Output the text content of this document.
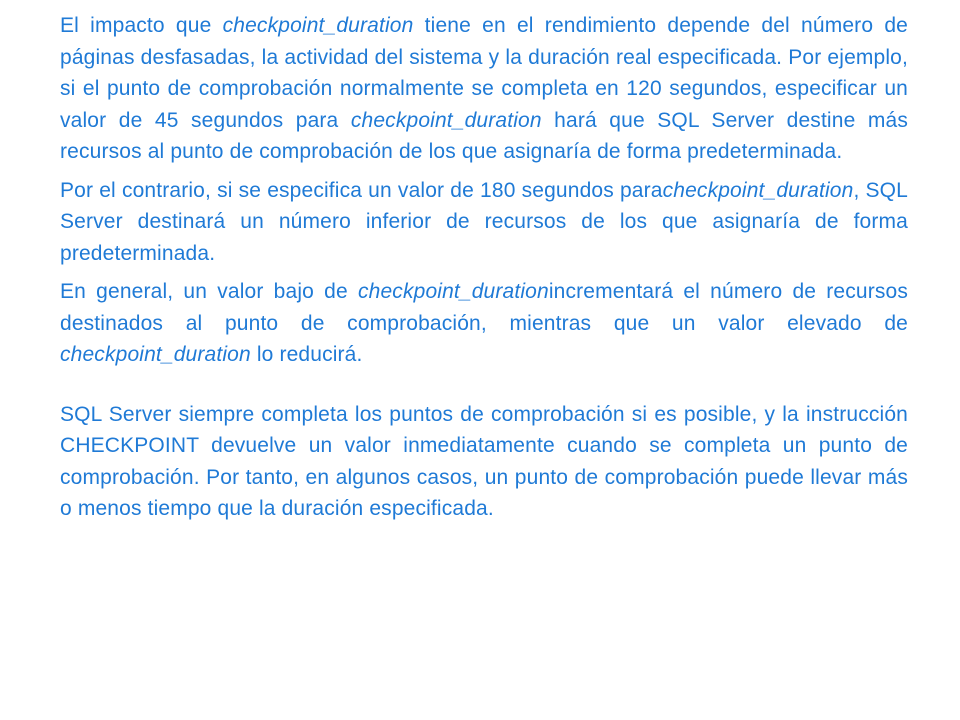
El impacto que checkpoint_duration tiene en el rendimiento depende del número de páginas desfasadas, la actividad del sistema y la duración real especificada. Por ejemplo, si el punto de comprobación normalmente se completa en 120 segundos, especificar un valor de 45 segundos para checkpoint_duration hará que SQL Server destine más recursos al punto de comprobación de los que asignaría de forma predeterminada.

Por el contrario, si se especifica un valor de 180 segundos paracheckpoint_duration, SQL Server destinará un número inferior de recursos de los que asignaría de forma predeterminada.

En general, un valor bajo de checkpoint_durationincrementará el número de recursos destinados al punto de comprobación, mientras que un valor elevado de checkpoint_duration lo reducirá.

SQL Server siempre completa los puntos de comprobación si es posible, y la instrucción CHECKPOINT devuelve un valor inmediatamente cuando se completa un punto de comprobación. Por tanto, en algunos casos, un punto de comprobación puede llevar más o menos tiempo que la duración especificada.
